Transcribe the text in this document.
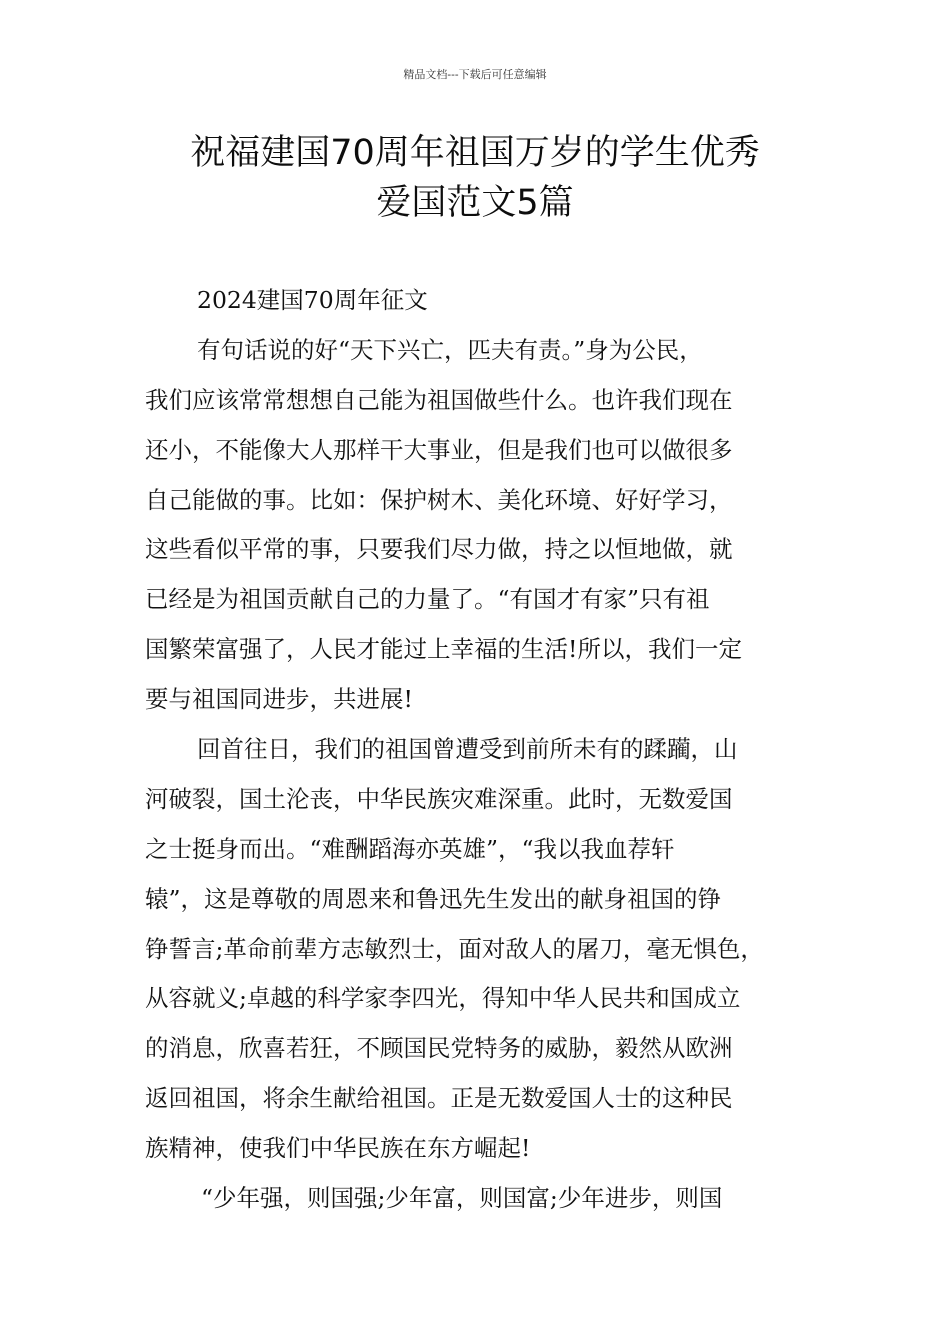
精品文档---下载后可任意编辑
祝福建国70周年祖国万岁的学生优秀
爱国范文5篇
2024建国70周年征文
有句话说的好“天下兴亡，匹夫有责。”身为公民，
我们应该常常想想自己能为祖国做些什么。也许我们现在
还小，不能像大人那样干大事业，但是我们也可以做很多
自己能做的事。比如：保护树木、美化环境、好好学习，
这些看似平常的事，只要我们尽力做，持之以恒地做，就
已经是为祖国贡献自己的力量了。“有国才有家”只有祖
国繁荣富强了，人民才能过上幸福的生活!所以，我们一定
要与祖国同进步，共进展!
回首往日，我们的祖国曾遭受到前所未有的蹂躏，山
河破裂，国土沦丧，中华民族灾难深重。此时，无数爱国
之士挺身而出。“难酬蹈海亦英雄”，“我以我血荐轩
辕”，这是尊敬的周恩来和鲁迅先生发出的献身祖国的铮
铮誓言;革命前辈方志敏烈士，面对敌人的屠刀，毫无惧色，
从容就义;卓越的科学家李四光，得知中华人民共和国成立
的消息，欣喜若狂，不顾国民党特务的威胁，毅然从欧洲
返回祖国，将余生献给祖国。正是无数爱国人士的这种民
族精神，使我们中华民族在东方崛起!
“少年强，则国强;少年富，则国富;少年进步，则国
